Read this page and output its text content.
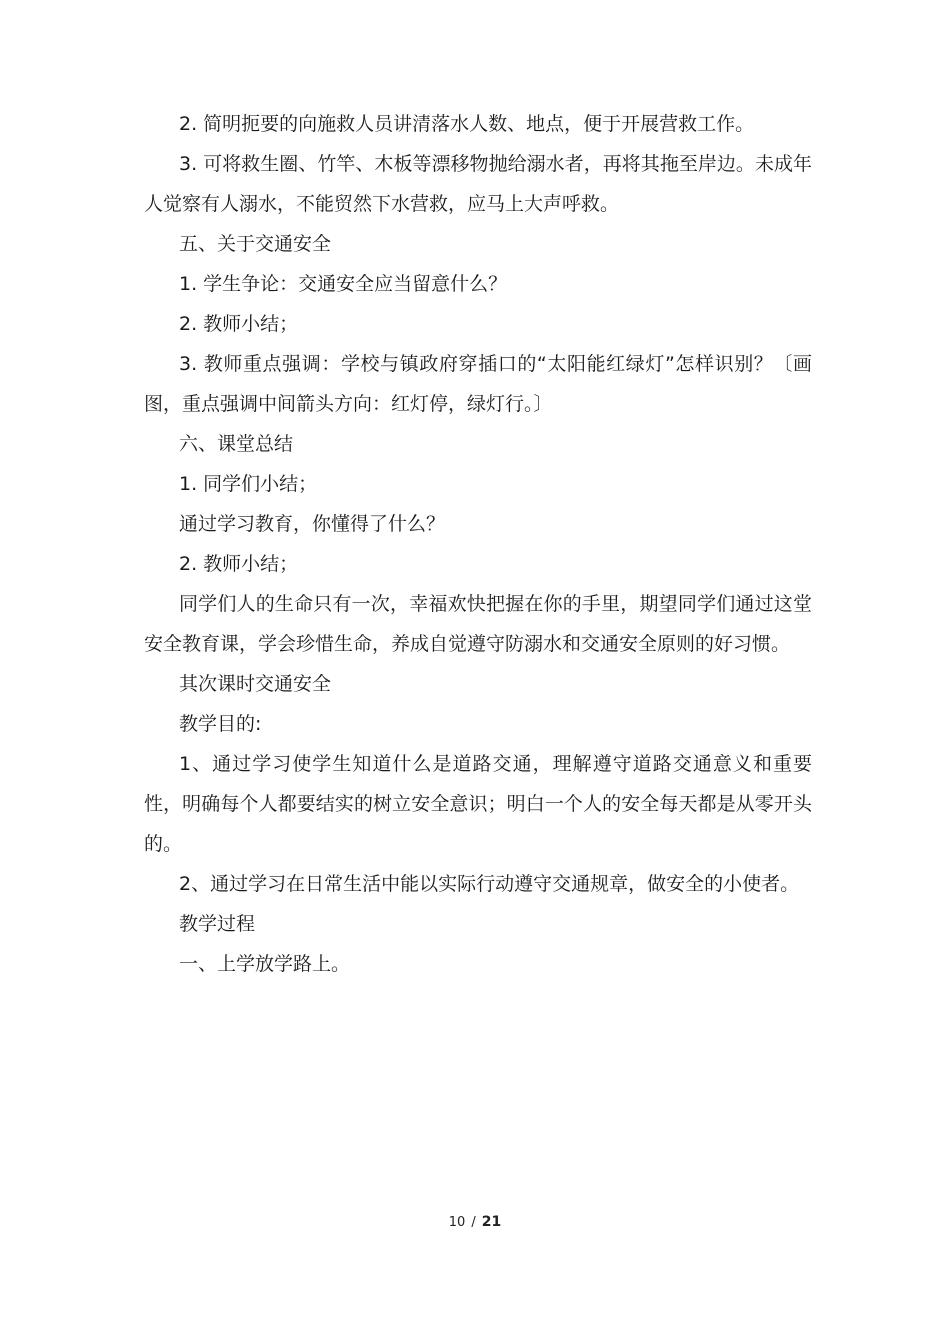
2. 简明扼要的向施救人员讲清落水人数、地点，便于开展营救工作。

3. 可将救生圈、竹竿、木板等漂移物抛给溺水者，再将其拖至岸边。未成年人觉察有人溺水，不能贸然下水营救，应马上大声呼救。

五、关于交通安全

1. 学生争论：交通安全应当留意什么？

2. 教师小结；

3. 教师重点强调：学校与镇政府穿插口的“太阳能红绿灯”怎样识别？〔画图，重点强调中间箭头方向：红灯停，绿灯行。〕

六、课堂总结

1. 同学们小结；

通过学习教育，你懂得了什么？

2. 教师小结；

同学们人的生命只有一次，幸福欢快把握在你的手里，期望同学们通过这堂安全教育课，学会珍惜生命，养成自觉遵守防溺水和交通安全原则的好习惯。

其次课时交通安全

教学目的:

1、通过学习使学生知道什么是道路交通，理解遵守道路交通意义和重要性，明确每个人都要结实的树立安全意识；明白一个人的安全每天都是从零开头的。

2、通过学习在日常生活中能以实际行动遵守交通规章，做安全的小使者。

教学过程

一、上学放学路上。

10 / 21
